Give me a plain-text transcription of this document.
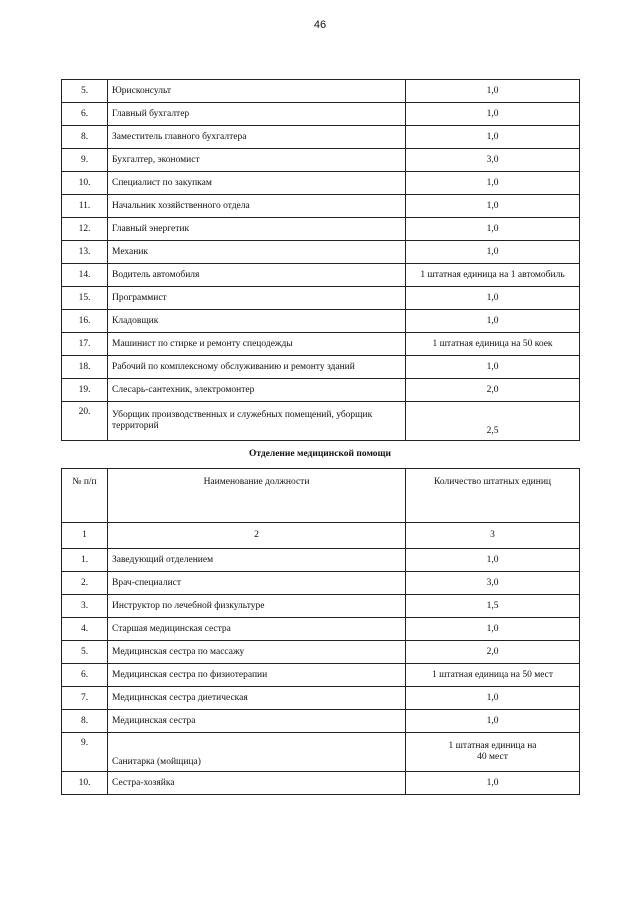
46
5.	Юрисконсульт	1,0
6.	Главный бухгалтер	1,0
8.	Заместитель главного бухгалтера	1,0
9.	Бухгалтер, экономист	3,0
10.	Специалист по закупкам	1,0
11.	Начальник хозяйственного отдела	1,0
12.	Главный энергетик	1,0
13.	Механик	1,0
14.	Водитель автомобиля	1 штатная единица на 1 автомобиль
15.	Программист	1,0
16.	Кладовщик	1,0
17.	Машинист по стирке и ремонту спецодежды	1 штатная единица на 50 коек
18.	Рабочий по комплексному обслуживанию и ремонту зданий	1,0
19.	Слесарь-сантехник, электромонтер	2,0
20.	Уборщик производственных и служебных помещений, уборщик территорий	2,5
Отделение медицинской помощи
№ п/п	Наименование должности	Количество штатных единиц
1	2	3
1.	Заведующий отделением	1,0
2.	Врач-специалист	3,0
3.	Инструктор по лечебной физкультуре	1,5
4.	Старшая медицинская сестра	1,0
5.	Медицинская сестра по массажу	2,0
6.	Медицинская сестра по физиотерапии	1 штатная единица на 50 мест
7.	Медицинская сестра диетическая	1,0
8.	Медицинская сестра	1,0
9.	Санитарка (мойщица)	1 штатная единица на 40 мест
10.	Сестра-хозяйка	1,0
